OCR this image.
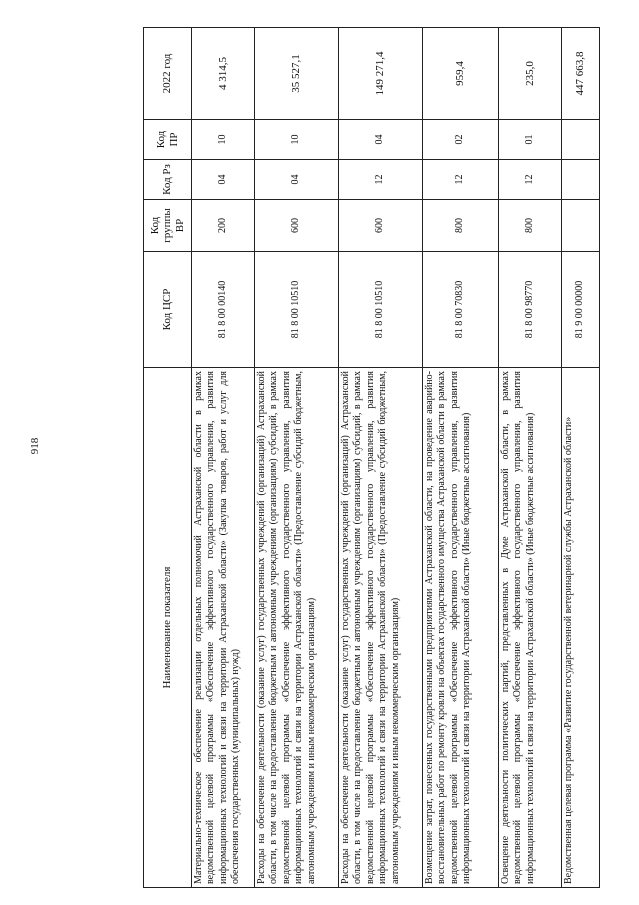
918
Наименование показателя	Код ЦСР	Код группы ВР	Код Рз	Код ПР	2022 год
Материально-техническое обеспечение реализации отдельных полномочий Астраханской области в рамках ведомственной целевой программы «Обеспечение эффективного государственного управления, развития информационных технологий и связи на территории Астраханской области» (Закупка товаров, работ и услуг для обеспечения государственных (муниципальных) нужд)	81 8 00 00140	200	04	10	4 314,5
Расходы на обеспечение деятельности (оказание услуг) государственных учреждений (организаций) Астраханской области, в том числе на предоставление бюджетным и автономным учреждениям (организациям) субсидий, в рамках ведомственной целевой программы «Обеспечение эффективного государственного управления, развития информационных технологий и связи на территории Астраханской области» (Предоставление субсидий бюджетным, автономным учреждениям и иным некоммерческим организациям)	81 8 00 10510	600	04	10	35 527,1
Расходы на обеспечение деятельности (оказание услуг) государственных учреждений (организаций) Астраханской области, в том числе на предоставление бюджетным и автономным учреждениям (организациям) субсидий, в рамках ведомственной целевой программы «Обеспечение эффективного государственного управления, развития информационных технологий и связи на территории Астраханской области» (Предоставление субсидий бюджетным, автономным учреждениям и иным некоммерческим организациям)	81 8 00 10510	600	12	04	149 271,4
Возмещение затрат, понесенных государственными предприятиями Астраханской области, на проведение аварийно-восстановительных работ по ремонту кровли на объектах государственного имущества Астраханской области в рамках ведомственной целевой программы «Обеспечение эффективного государственного управления, развития информационных технологий и связи на территории Астраханской области» (Иные бюджетные ассигнования)	81 8 00 70830	800	12	02	959,4
Освещение деятельности политических партий, представленных в Думе Астраханской области, в рамках ведомственной целевой программы «Обеспечение эффективного государственного управления, развития информационных технологий и связи на территории Астраханской области» (Иные бюджетные ассигнования)	81 8 00 98770	800	12	01	235,0
Ведомственная целевая программа «Развитие государственной ветеринарной службы Астраханской области»	81 9 00 00000				447 663,8
